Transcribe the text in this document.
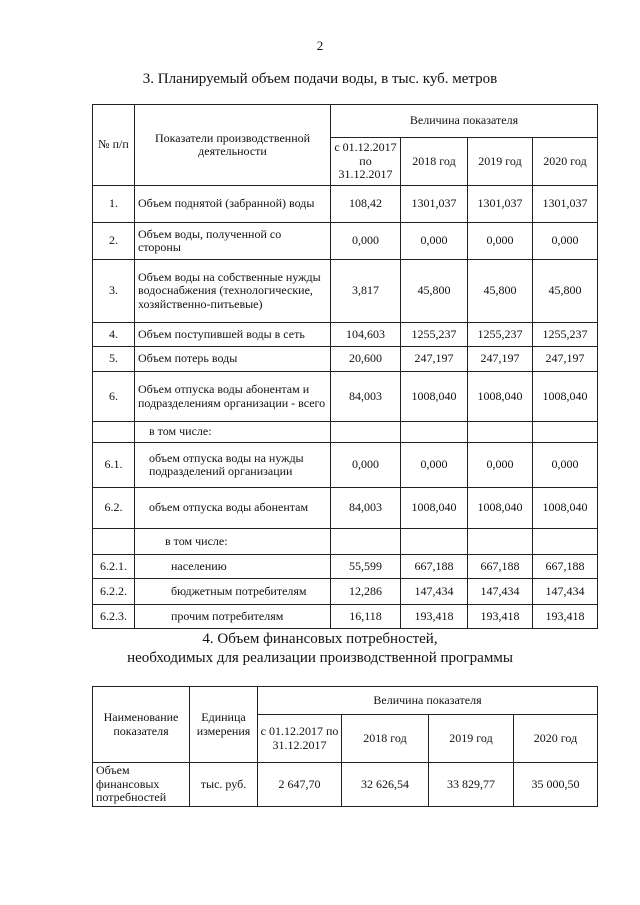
2
3. Планируемый объем подачи воды, в тыс. куб. метров
№ п/п	Показатели производственной деятельности	Величина показателя			
		с 01.12.2017 по 31.12.2017	2018 год	2019 год	2020 год
1.	Объем поднятой (забранной) воды	108,42	1301,037	1301,037	1301,037
2.	Объем воды, полученной со стороны	0,000	0,000	0,000	0,000
3.	Объем воды на собственные нужды водоснабжения (технологические, хозяйственно-питьевые)	3,817	45,800	45,800	45,800
4.	Объем поступившей воды в сеть	104,603	1255,237	1255,237	1255,237
5.	Объем потерь воды	20,600	247,197	247,197	247,197
6.	Объем отпуска воды абонентам и подразделениям организации - всего	84,003	1008,040	1008,040	1008,040
	в том числе:				
6.1.	объем отпуска воды на нужды подразделений организации	0,000	0,000	0,000	0,000
6.2.	объем отпуска воды абонентам	84,003	1008,040	1008,040	1008,040
	в том числе:				
6.2.1.	населению	55,599	667,188	667,188	667,188
6.2.2.	бюджетным потребителям	12,286	147,434	147,434	147,434
6.2.3.	прочим потребителям	16,118	193,418	193,418	193,418
4. Объем финансовых потребностей,
необходимых для реализации производственной программы
Наименование показателя	Единица измерения	Величина показателя			
		с 01.12.2017 по 31.12.2017	2018 год	2019 год	2020 год
Объем финансовых потребностей	тыс. руб.	2 647,70	32 626,54	33 829,77	35 000,50
